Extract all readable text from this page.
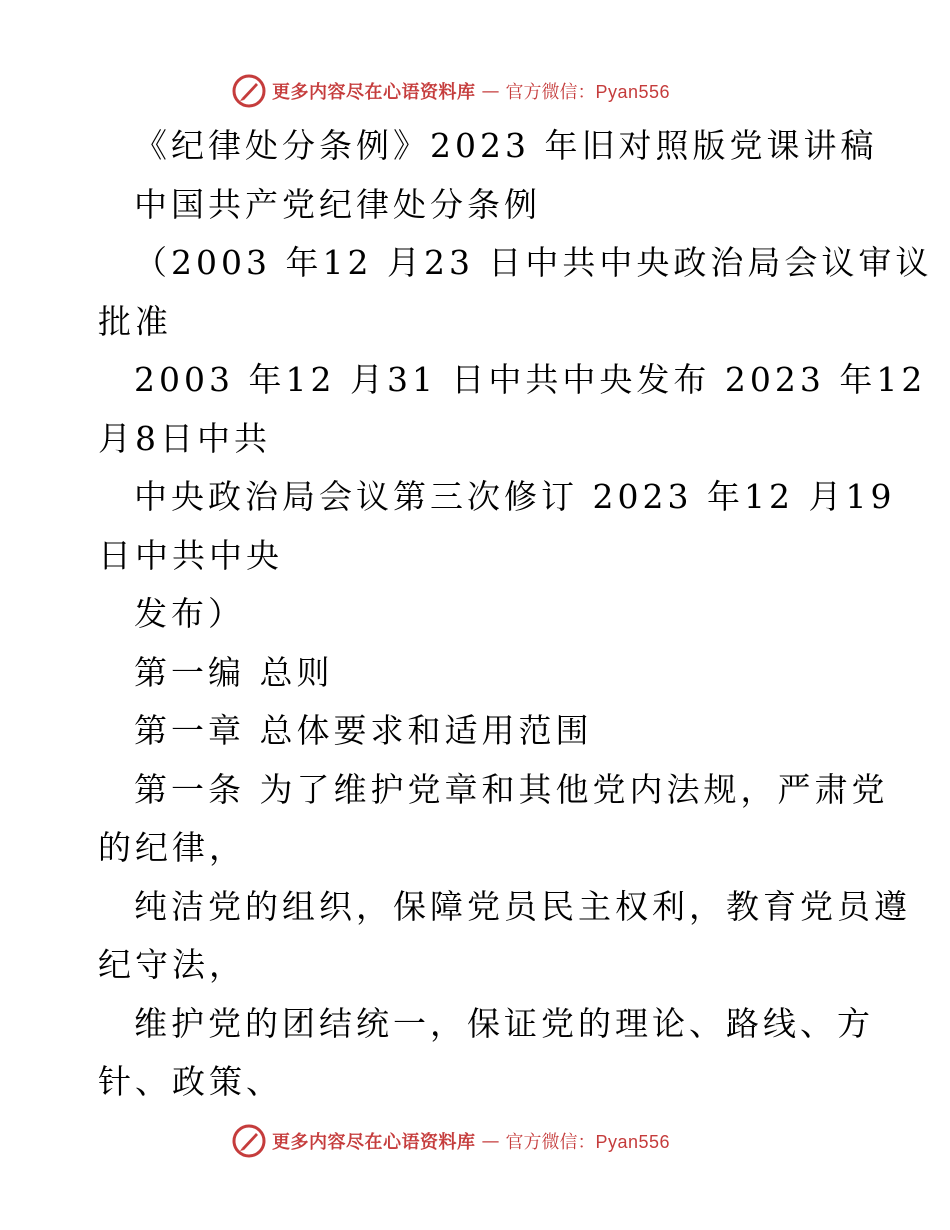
更多内容尽在心语资料库 — 官方微信：Pyan556
《纪律处分条例》2023 年旧对照版党课讲稿
中国共产党纪律处分条例
（2003 年12 月23 日中共中央政治局会议审议
批准
2003 年12 月31 日中共中央发布 2023 年12
月8日中共
中央政治局会议第三次修订 2023 年12 月19
日中共中央
发布）
第一编 总则
第一章 总体要求和适用范围
第一条 为了维护党章和其他党内法规，严肃党
的纪律，
纯洁党的组织，保障党员民主权利，教育党员遵
纪守法，
维护党的团结统一，保证党的理论、路线、方
针、政策、
更多内容尽在心语资料库 — 官方微信：Pyan556
